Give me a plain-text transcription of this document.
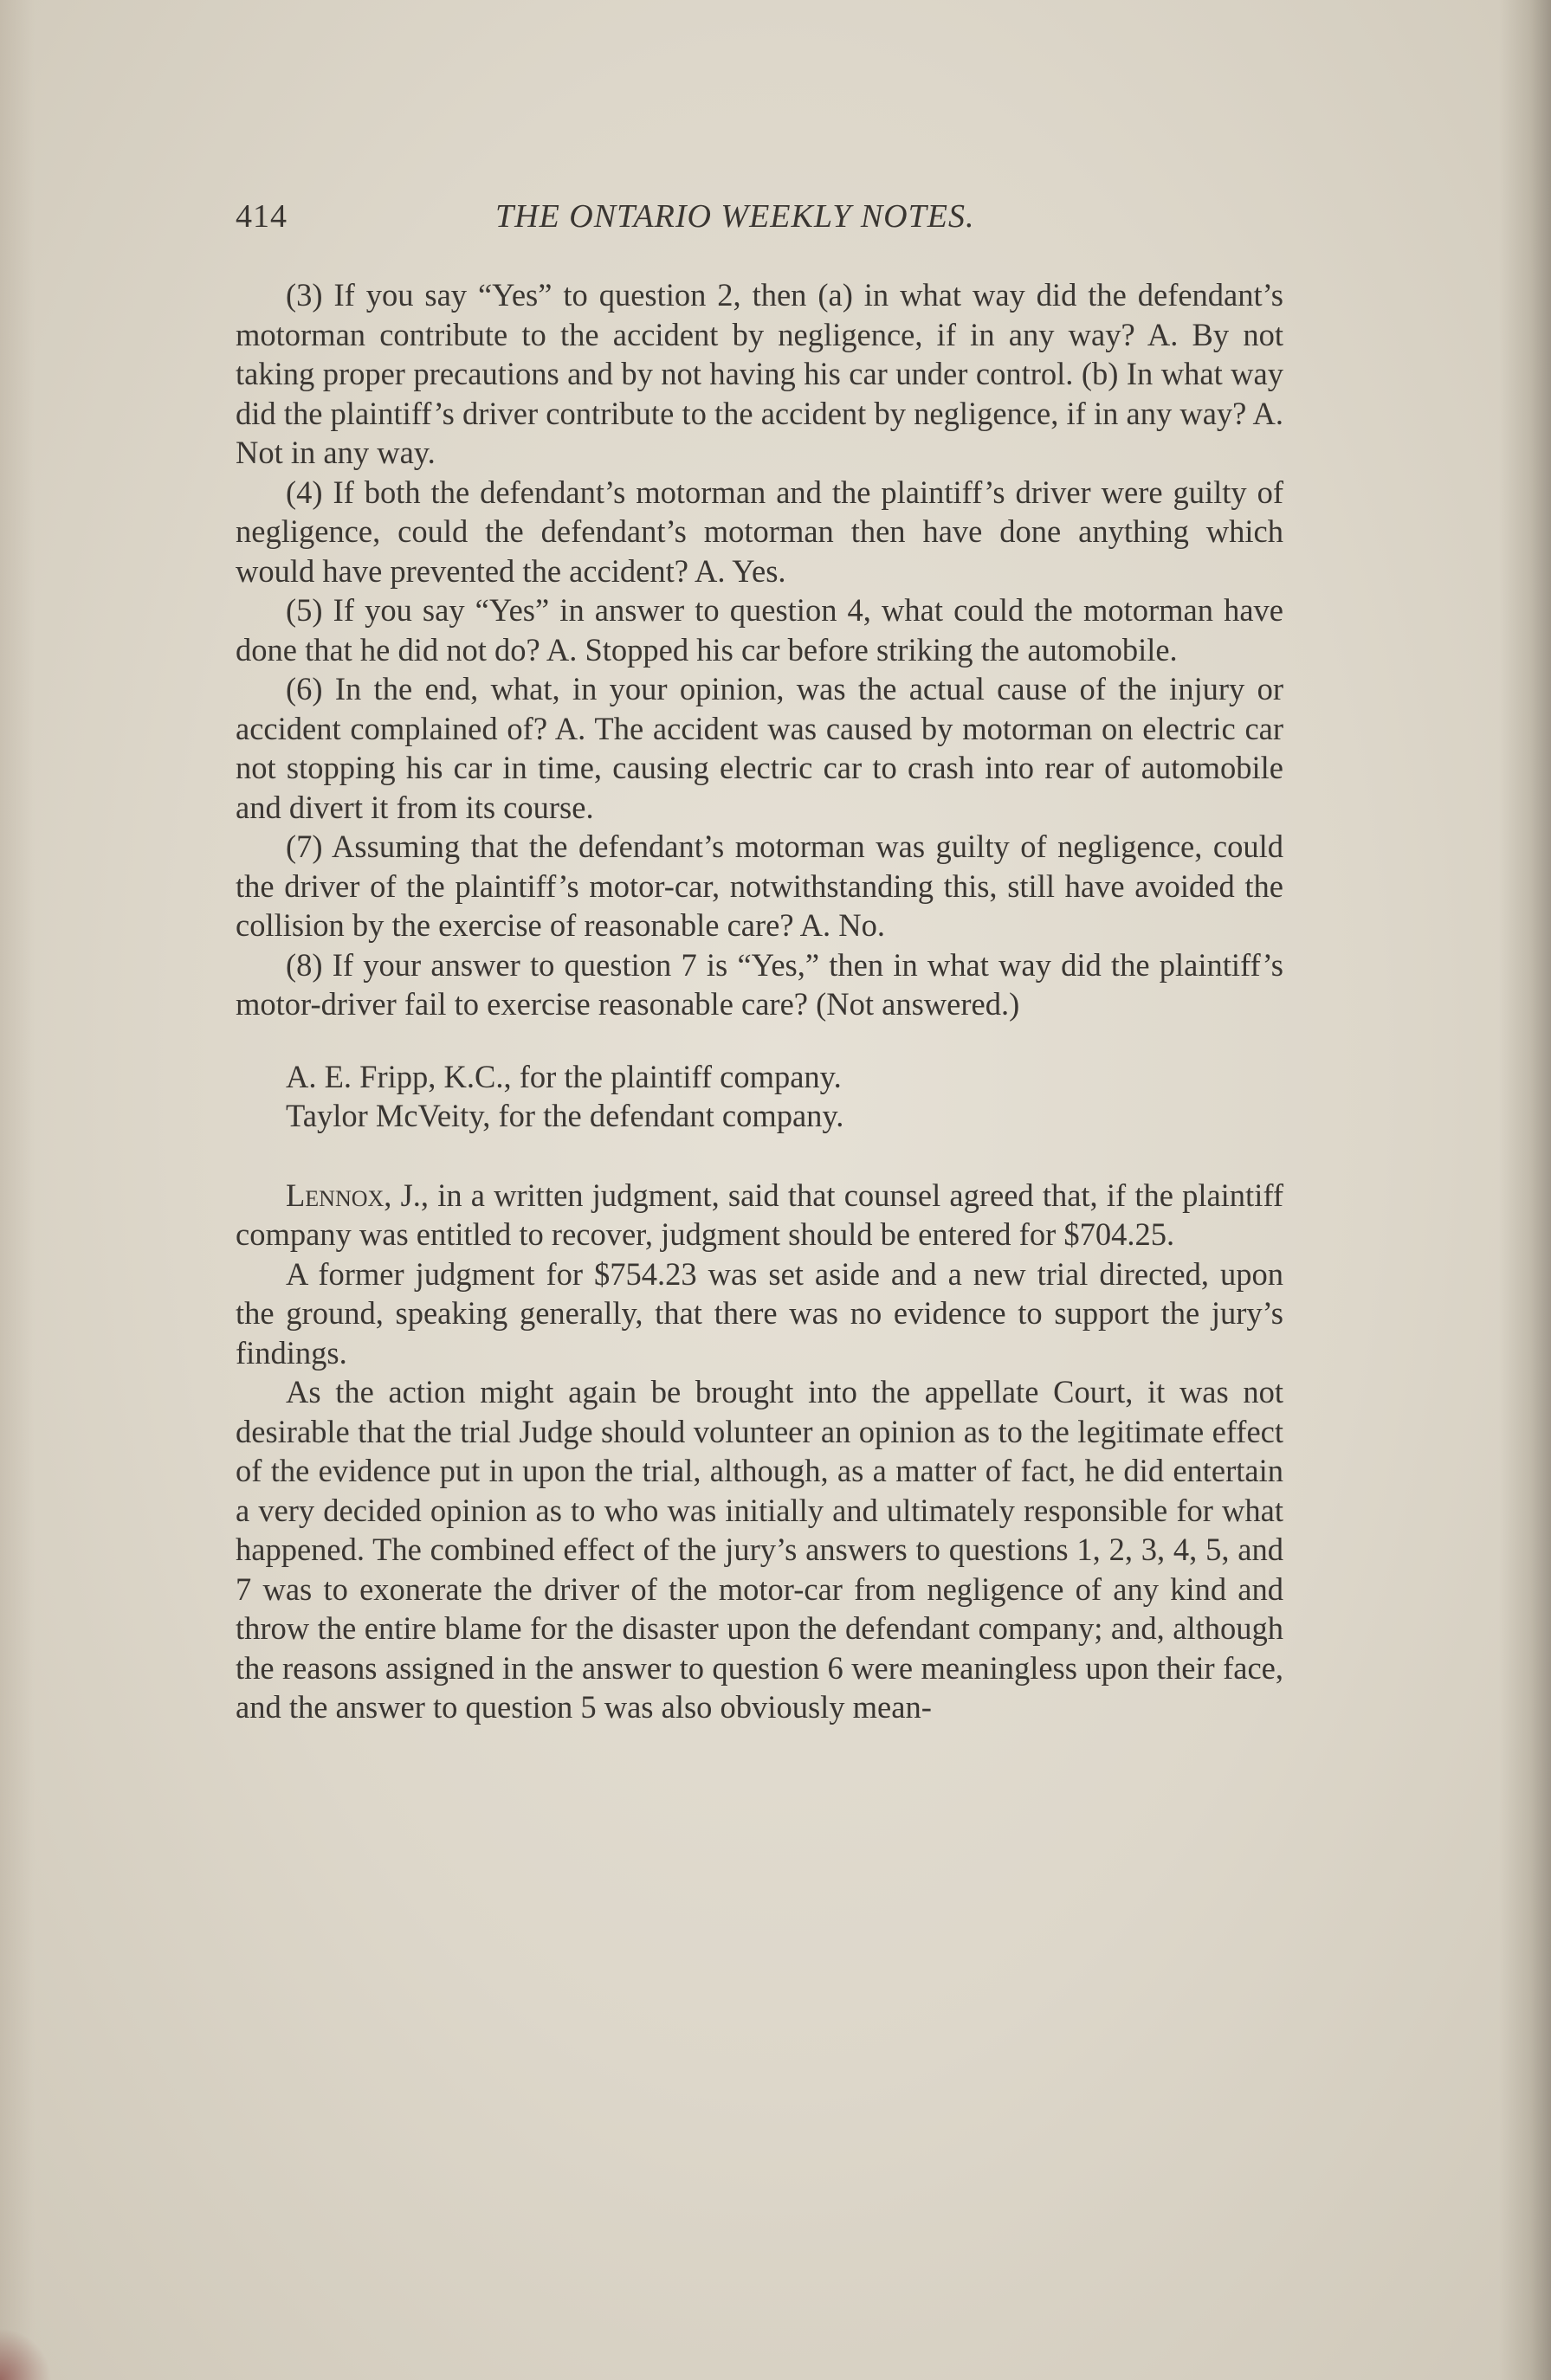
414	THE ONTARIO WEEKLY NOTES.

(3) If you say “Yes” to question 2, then (a) in what way did the defendant’s motorman contribute to the accident by negligence, if in any way? A. By not taking proper precautions and by not having his car under control. (b) In what way did the plaintiff’s driver contribute to the accident by negligence, if in any way? A. Not in any way.

(4) If both the defendant’s motorman and the plaintiff’s driver were guilty of negligence, could the defendant’s motorman then have done anything which would have prevented the accident? A. Yes.

(5) If you say “Yes” in answer to question 4, what could the motorman have done that he did not do? A. Stopped his car before striking the automobile.

(6) In the end, what, in your opinion, was the actual cause of the injury or accident complained of? A. The accident was caused by motorman on electric car not stopping his car in time, causing electric car to crash into rear of automobile and divert it from its course.

(7) Assuming that the defendant’s motorman was guilty of negligence, could the driver of the plaintiff’s motor-car, notwithstanding this, still have avoided the collision by the exercise of reasonable care? A. No.

(8) If your answer to question 7 is “Yes,” then in what way did the plaintiff’s motor-driver fail to exercise reasonable care? (Not answered.)

A. E. Fripp, K.C., for the plaintiff company.
Taylor McVeity, for the defendant company.

Lennox, J., in a written judgment, said that counsel agreed that, if the plaintiff company was entitled to recover, judgment should be entered for $704.25.

A former judgment for $754.23 was set aside and a new trial directed, upon the ground, speaking generally, that there was no evidence to support the jury’s findings.

As the action might again be brought into the appellate Court, it was not desirable that the trial Judge should volunteer an opinion as to the legitimate effect of the evidence put in upon the trial, although, as a matter of fact, he did entertain a very decided opinion as to who was initially and ultimately responsible for what happened. The combined effect of the jury’s answers to questions 1, 2, 3, 4, 5, and 7 was to exonerate the driver of the motor-car from negligence of any kind and throw the entire blame for the disaster upon the defendant company; and, although the reasons assigned in the answer to question 6 were meaningless upon their face, and the answer to question 5 was also obviously mean-
